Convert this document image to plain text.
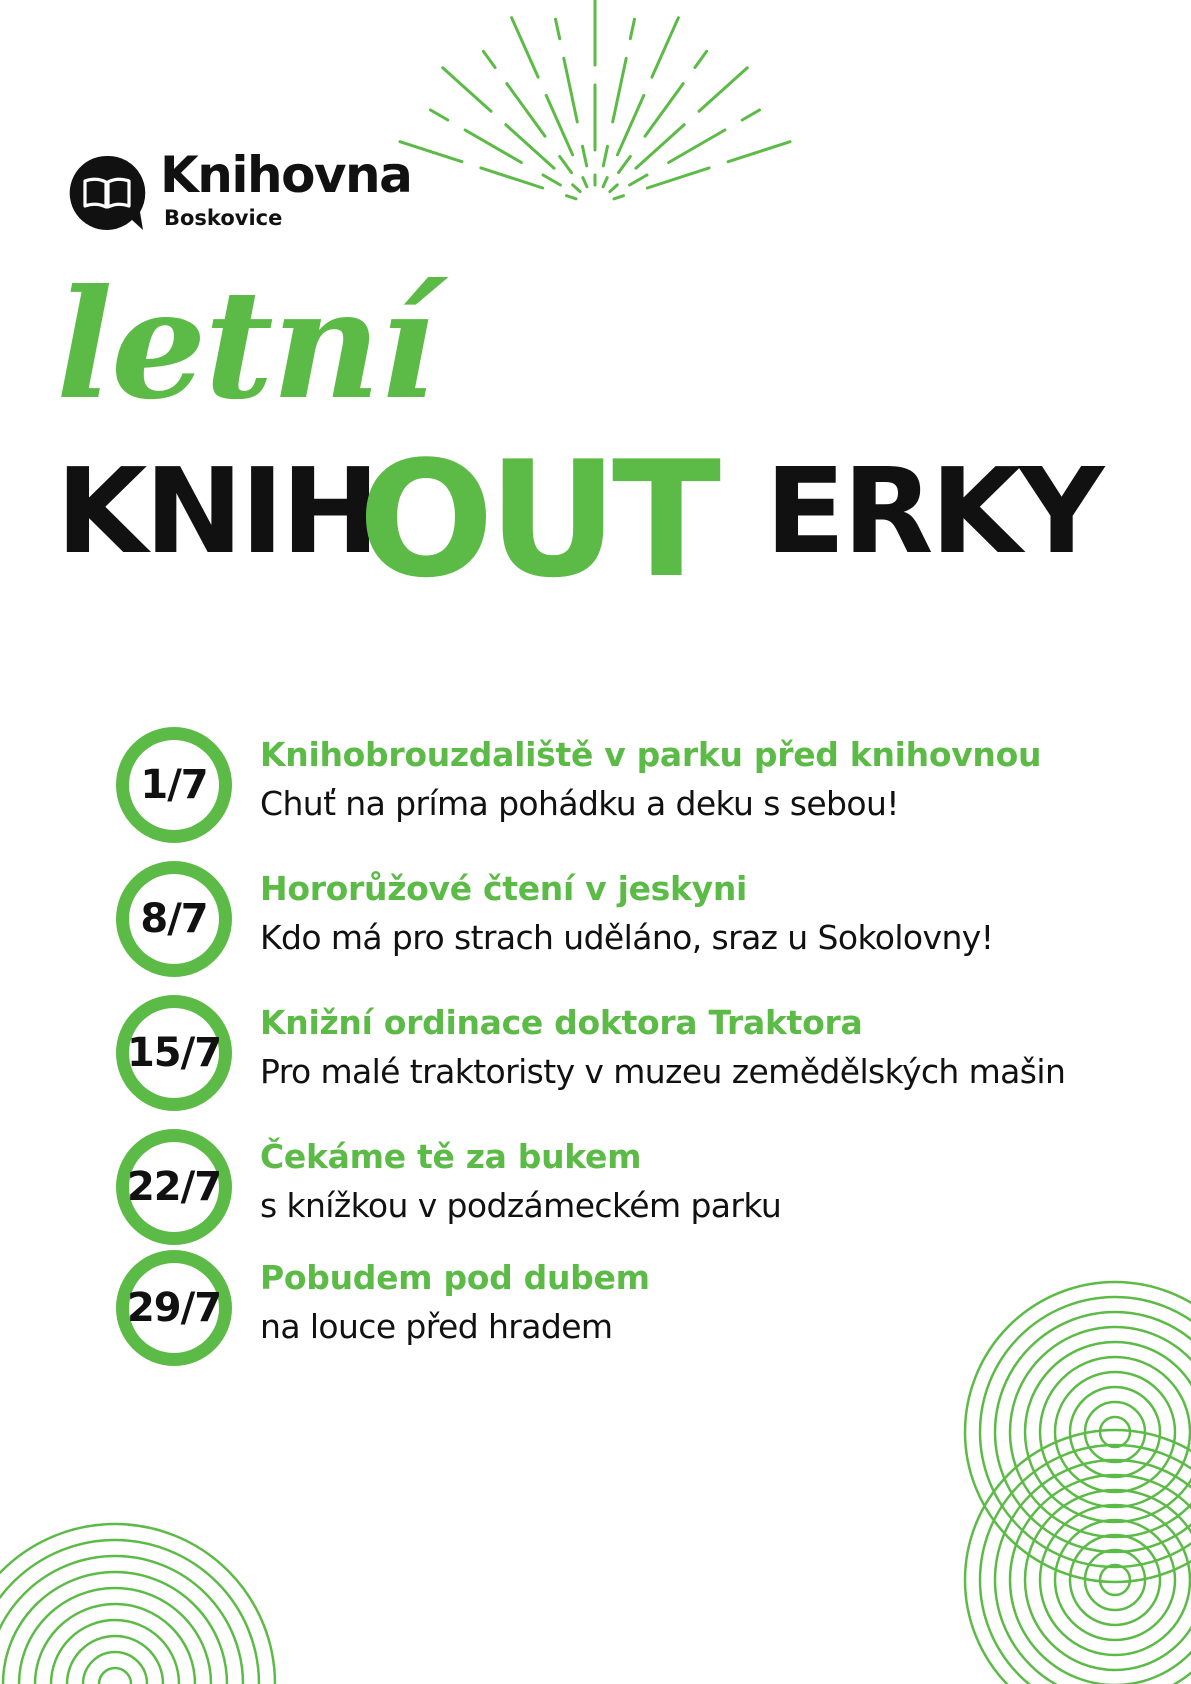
Knihovna
Boskovice
letní
KNIH
OUT ERKY
1/7
Knihobrouzdaliště v parku před knihovnou
Chuť na príma pohádku a deku s sebou!
8/7
Hororůžové čtení v jeskyni
Kdo má pro strach uděláno, sraz u Sokolovny!
15/7
Knižní ordinace doktora Traktora
Pro malé traktoristy v muzeu zemědělských mašin
22/7
Čekáme tě za bukem
s knížkou v podzámeckém parku
29/7
Pobudem pod dubem
na louce před hradem
